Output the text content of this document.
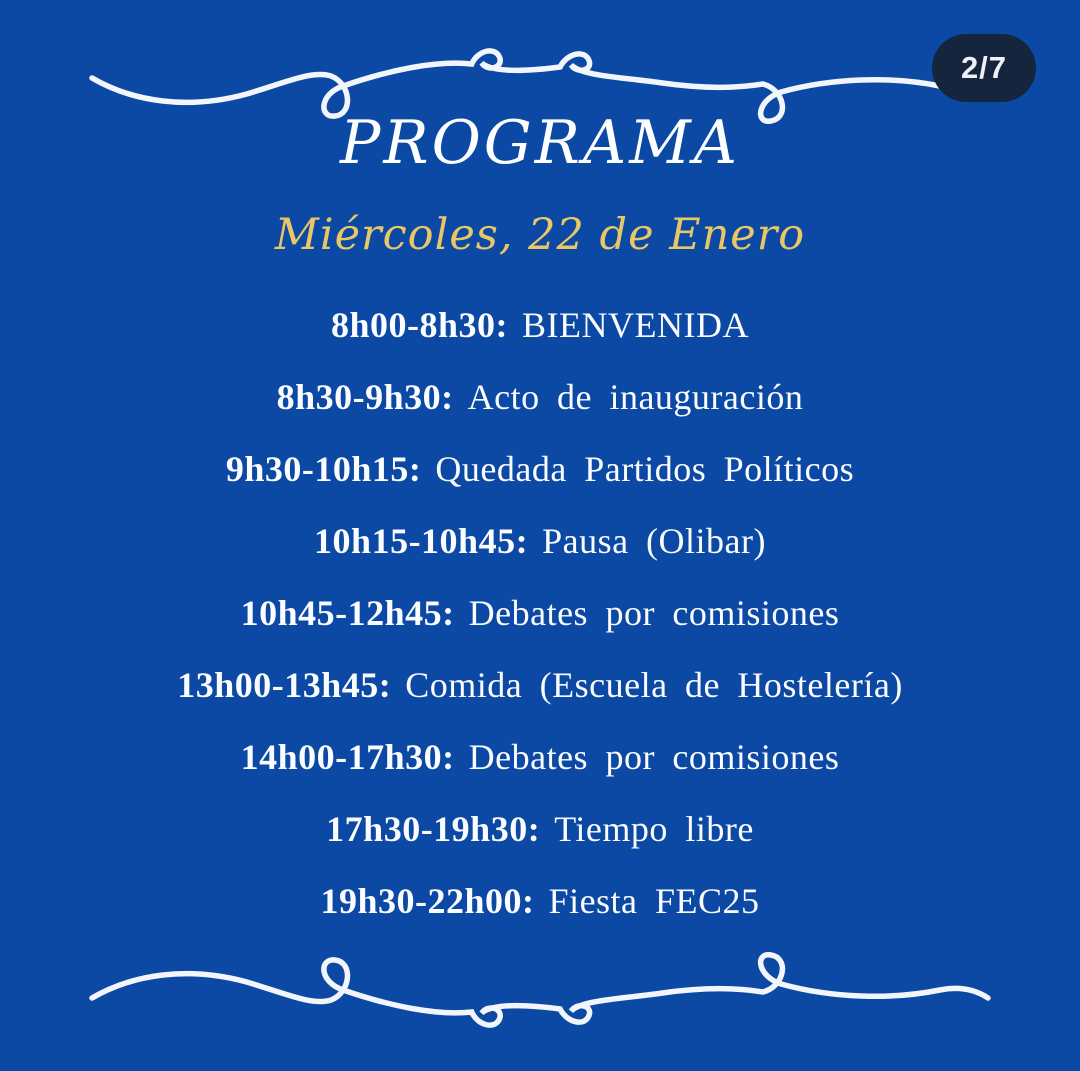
2/7
PROGRAMA
Miércoles, 22 de Enero
8h00-8h30: BIENVENIDA
8h30-9h30: Acto de inauguración
9h30-10h15: Quedada Partidos Políticos
10h15-10h45: Pausa (Olibar)
10h45-12h45: Debates por comisiones
13h00-13h45: Comida (Escuela de Hostelería)
14h00-17h30: Debates por comisiones
17h30-19h30: Tiempo libre
19h30-22h00: Fiesta FEC25
